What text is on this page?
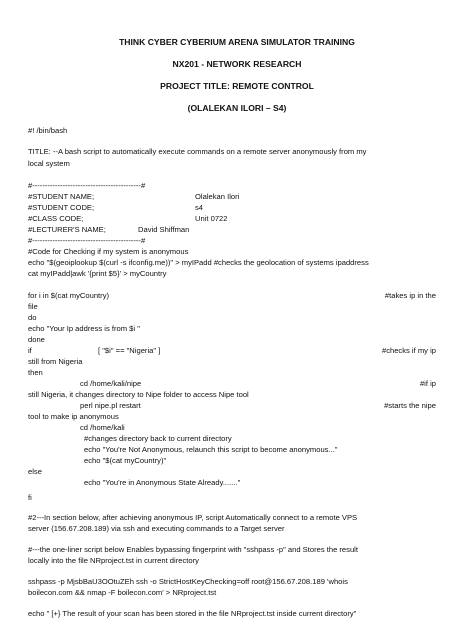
THINK CYBER CYBERIUM ARENA SIMULATOR TRAINING
NX201 - NETWORK RESEARCH
PROJECT TITLE: REMOTE CONTROL
(OLALEKAN ILORI – S4)
#! /bin/bash
TITLE: --A bash script to automatically execute commands on a remote server anonymously from my
local system
#-------------------------------------------#
#STUDENT NAME;	Olalekan Ilori
#STUDENT CODE;	s4
#CLASS CODE;	Unit 0722
#LECTURER'S NAME;	David Shiffman
#-------------------------------------------#
#Code for Checking if my system is anonymous
echo "$(geoiplookup $(curl -s ifconfig.me))" > myIPadd #checks the geolocation of systems ipaddress
cat myIPadd|awk '{print $5}' > myCountry
for i in $(cat myCountry)	#takes ip in the
file
do
echo "Your Ip address is from $i "
done
if	[ "$i" == "Nigeria" ]	#checks if my ip
still from Nigeria
then
cd /home/kali/nipe	#if ip
still Nigeria, it changes directory to Nipe folder to access Nipe tool
perl nipe.pl restart	#starts the nipe
tool to make ip anonymous
cd /home/kali
#changes directory back to current directory
echo "You're Not Anonymous, relaunch this script to become anonymous..."
echo "$(cat myCountry)"
else
echo "You're in Anonymous State Already......."
fi
#2---In section below, after achieving anonymous IP, script Automatically connect to a remote VPS
server (156.67.208.189) via ssh and executing commands to a Target server
#---the one-liner script below Enables bypassing fingerprint with "sshpass -p" and Stores the result
locally into the file NRproject.tst in current directory
sshpass -p MjsbBaU3OOtuZEh ssh -o StrictHostKeyChecking=off root@156.67.208.189 'whois
boilecon.com && nmap -F boilecon.com' > NRproject.tst
echo " [+} The result of your scan has been stored in the file NRproject.tst inside current directory"
